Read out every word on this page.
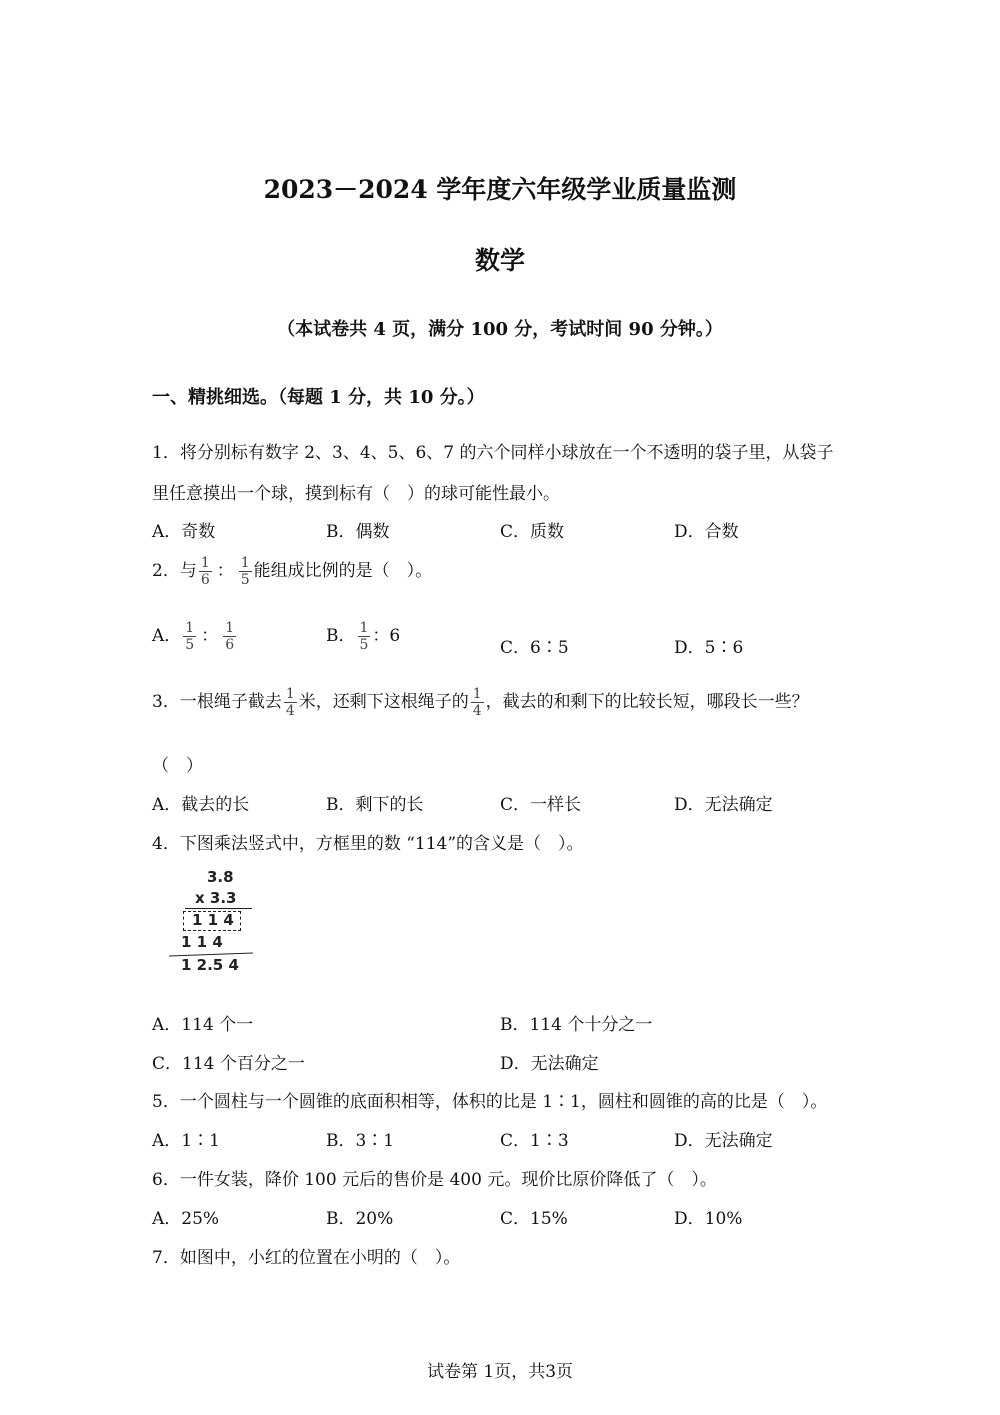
2023－2024 学年度六年级学业质量监测
数学
（本试卷共 4 页，满分 100 分，考试时间 90 分钟。）
一、精挑细选。（每题 1 分，共 10 分。）
1．将分别标有数字 2、3、4、5、6、7 的六个同样小球放在一个不透明的袋子里，从袋子
里任意摸出一个球，摸到标有（　）的球可能性最小。
A．奇数	B．偶数	C．质数	D．合数
2．与 $\frac{1}{6}$ ： $\frac{1}{5}$ 能组成比例的是（　）。
A． $\frac{1}{5}$ ： $\frac{1}{6}$	B． $\frac{1}{5}$ ：6
C．6∶5	D．5∶6
3．一根绳子截去 $\frac{1}{4}$ 米，还剩下这根绳子的 $\frac{1}{4}$ ，截去的和剩下的比较长短，哪段长一些？
（　）
A．截去的长	B．剩下的长	C．一样长	D．无法确定
4．下图乘法竖式中，方框里的数 “114”的含义是（　）。
3.8
x 3.3
1 1 4
1 1 4
1 2.5 4
A．114 个一	B．114 个十分之一
C．114 个百分之一	D．无法确定
5．一个圆柱与一个圆锥的底面积相等，体积的比是 1∶1，圆柱和圆锥的高的比是（　）。
A．1∶1	B．3∶1	C．1∶3	D．无法确定
6．一件女装，降价 100 元后的售价是 400 元。现价比原价降低了（　）。
A．25%	B．20%	C．15%	D．10%
7．如图中，小红的位置在小明的（　）。
试卷第 1页，共3页
